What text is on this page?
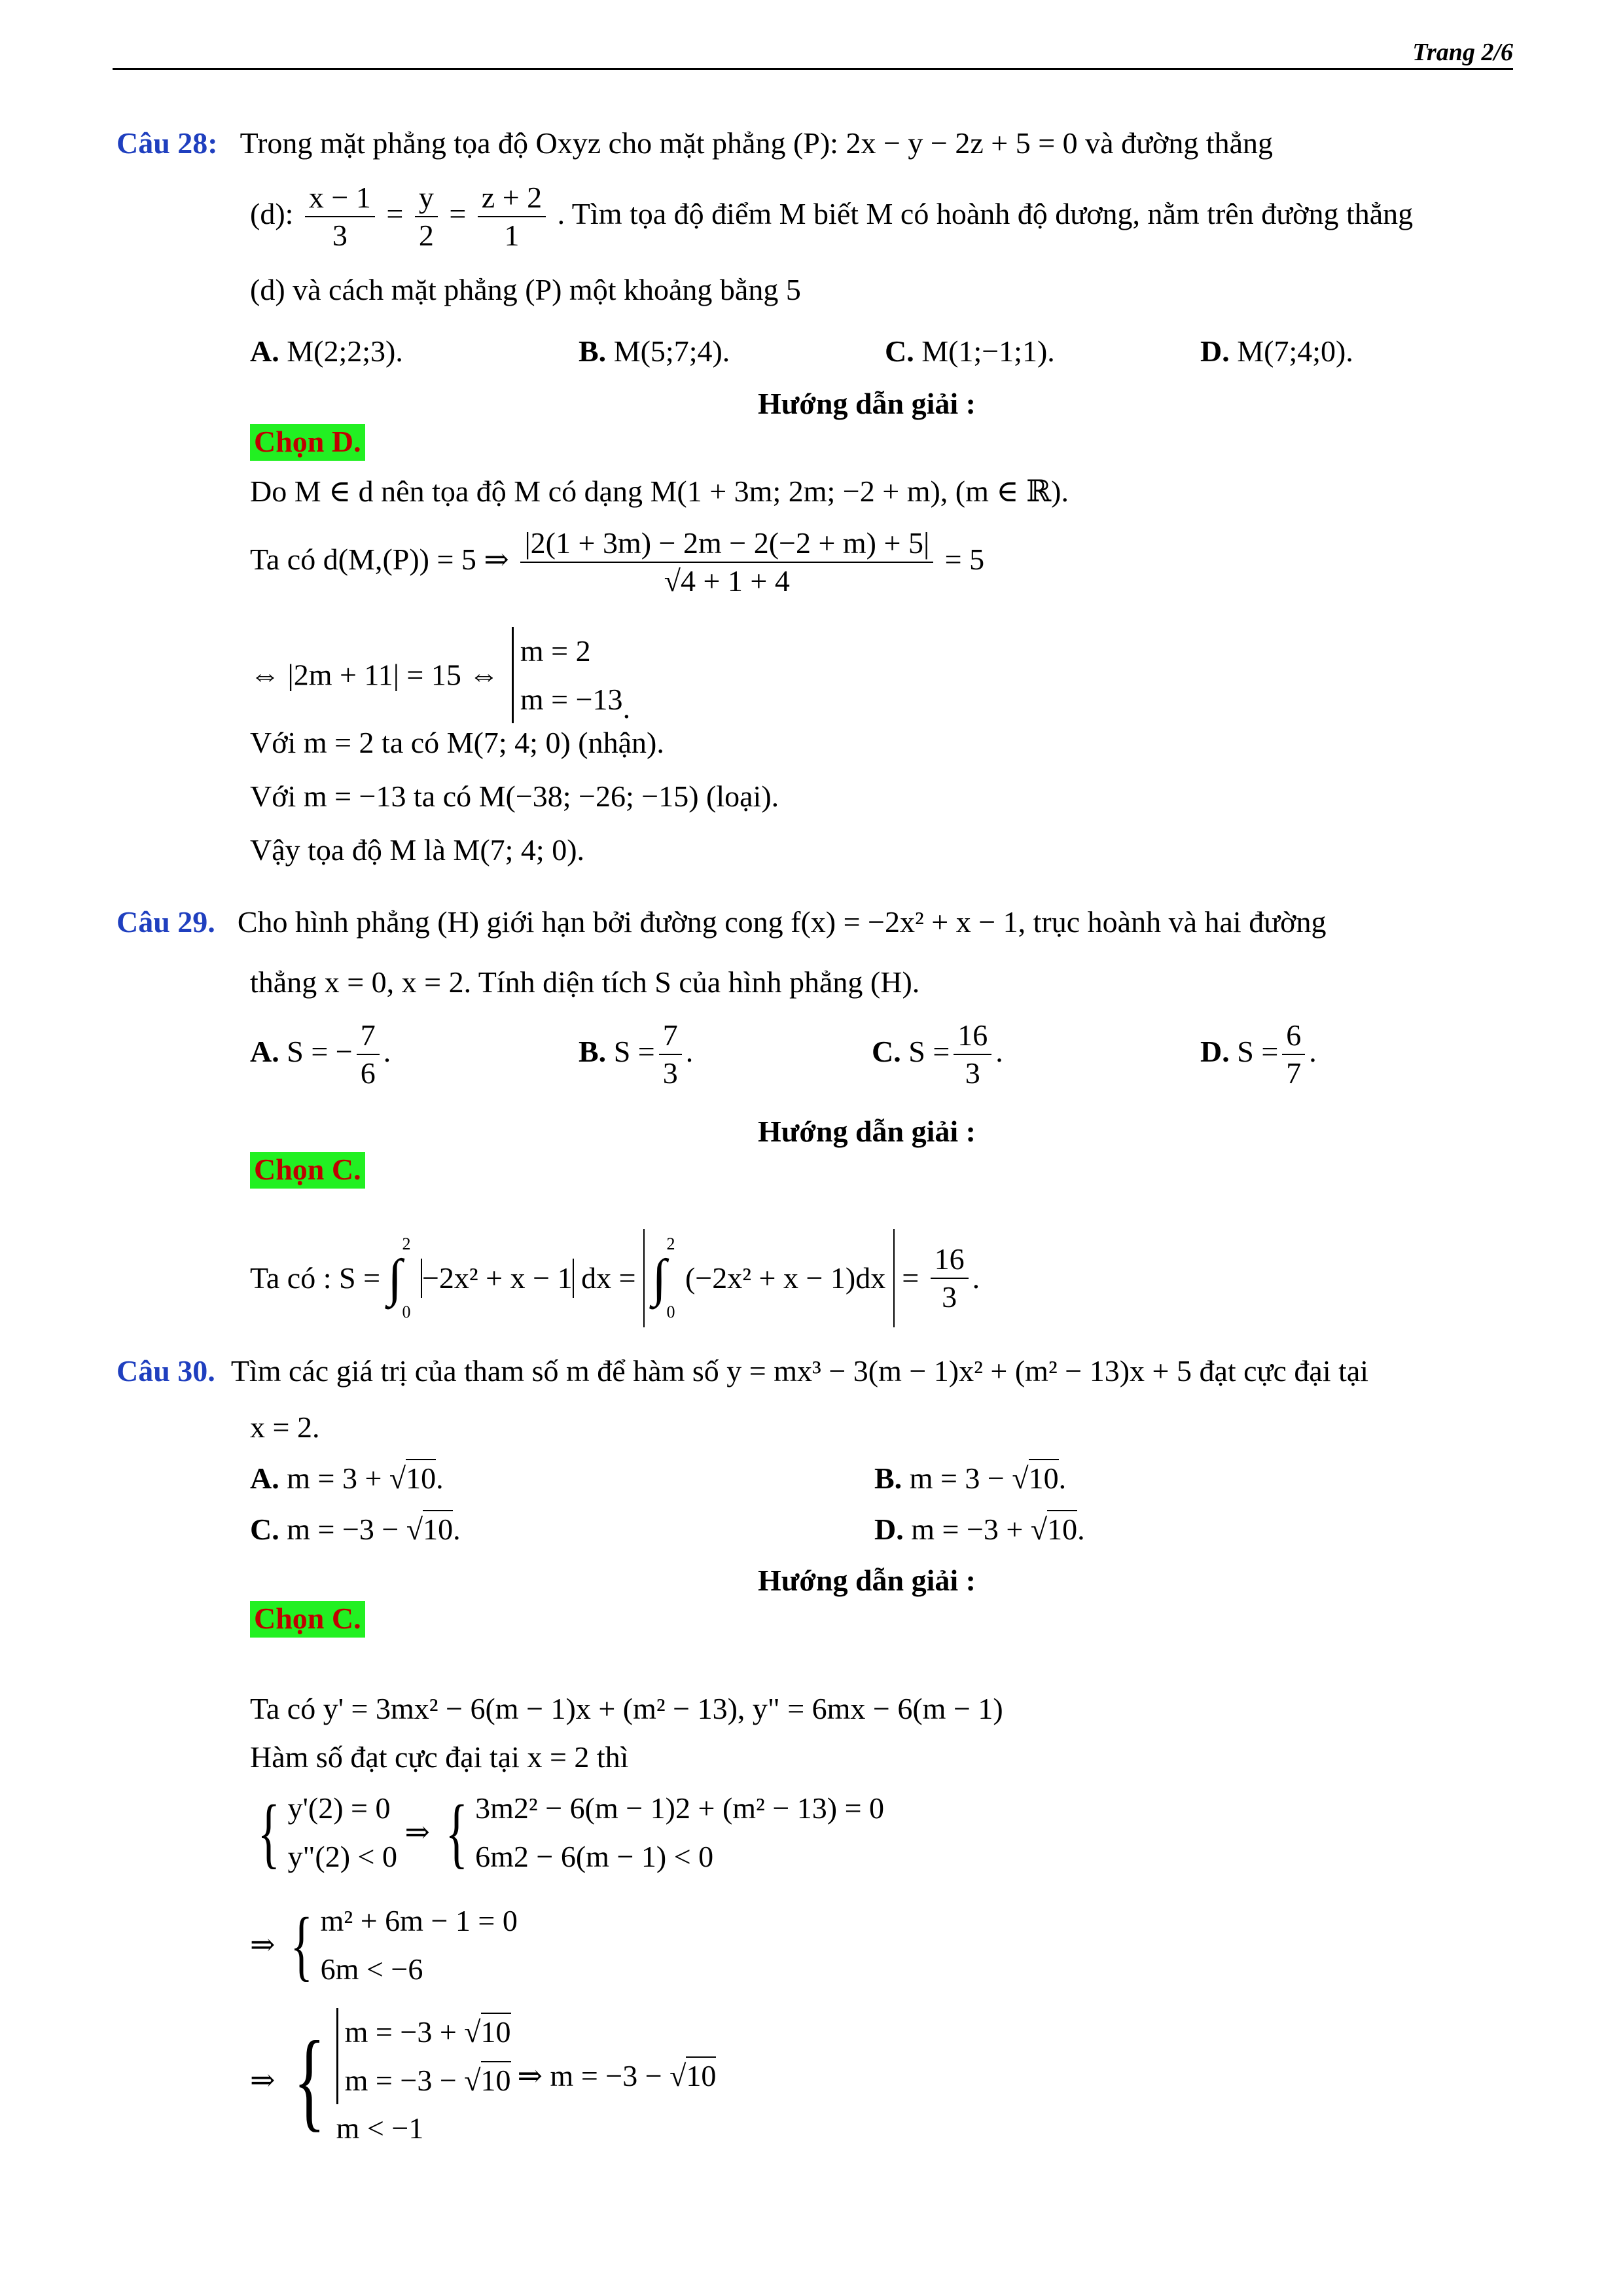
Trang 2/6
Câu 28: Trong mặt phẳng tọa độ Oxyz cho mặt phẳng (P): 2x − y − 2z + 5 = 0 và đường thẳng
(d): $\frac{x - 1}{3} = \frac{y}{2} = \frac{z + 2}{1}$ . Tìm tọa độ điểm M biết M có hoành độ dương, nằm trên đường thẳng
(d) và cách mặt phẳng (P) một khoảng bằng 5
A. M(2;2;3).	B. M(5;7;4).	C. M(1;−1;1).	D. M(7;4;0).
Hướng dẫn giải :
Chọn D.
Do M ∈ d nên tọa độ M có dạng M(1 + 3m; 2m; −2 + m), (m ∈ ℝ).
Ta có d(M,(P)) = 5 ⇒ $\frac{|2(1 + 3m) - 2m - 2(-2 + m) + 5|}{√4 + 1 + 4} = 5$
⇔ |2m + 11| = 15 ⇔
m = 2
m = −13 .
Với m = 2 ta có M(7; 4; 0) (nhận).
Với m = −13 ta có M(−38; −26; −15) (loại).
Vậy tọa độ M là M(7; 4; 0).
Câu 29. Cho hình phẳng (H) giới hạn bởi đường cong f(x) = −2x² + x − 1, trục hoành và hai đường
thẳng x = 0, x = 2. Tính diện tích S của hình phẳng (H).
A. S = − $\frac{7}{6}$ .	B. $S = \frac{7}{3}$ .	C. $S = \frac{16}{3}$ .	D. $S = \frac{6}{7}$ .
Hướng dẫn giải :
Chọn C.
Ta có : S = ∫
2
0
−2x² + x − 1 dx = ∫
2
0
$(-2x^2 + x - 1)dx = \frac{16}{3}$ .
Câu 30. Tìm các giá trị của tham số m để hàm số y = mx³ − 3(m − 1)x² + (m² − 13)x + 5 đạt cực đại tại
x = 2.
A. m = 3 + √10.	B. m = 3 − √10.
C. m = −3 − √10.	D. m = −3 + √10.
Hướng dẫn giải :
Chọn C.
Ta có y' = 3mx² − 6(m − 1)x + (m² − 13), y" = 6mx − 6(m − 1)
Hàm số đạt cực đại tại x = 2 thì
{ y'(2) = 0
y"(2) < 0
⇒ { 3m2² − 6(m − 1)2 + (m² − 13) = 0
6m2 − 6(m − 1) < 0
⇒ { m² + 6m − 1 = 0
6m < −6
⇒ { m = −3 + √10
m = −3 − √10 ⇒ m = −3 − √10
m < −1
